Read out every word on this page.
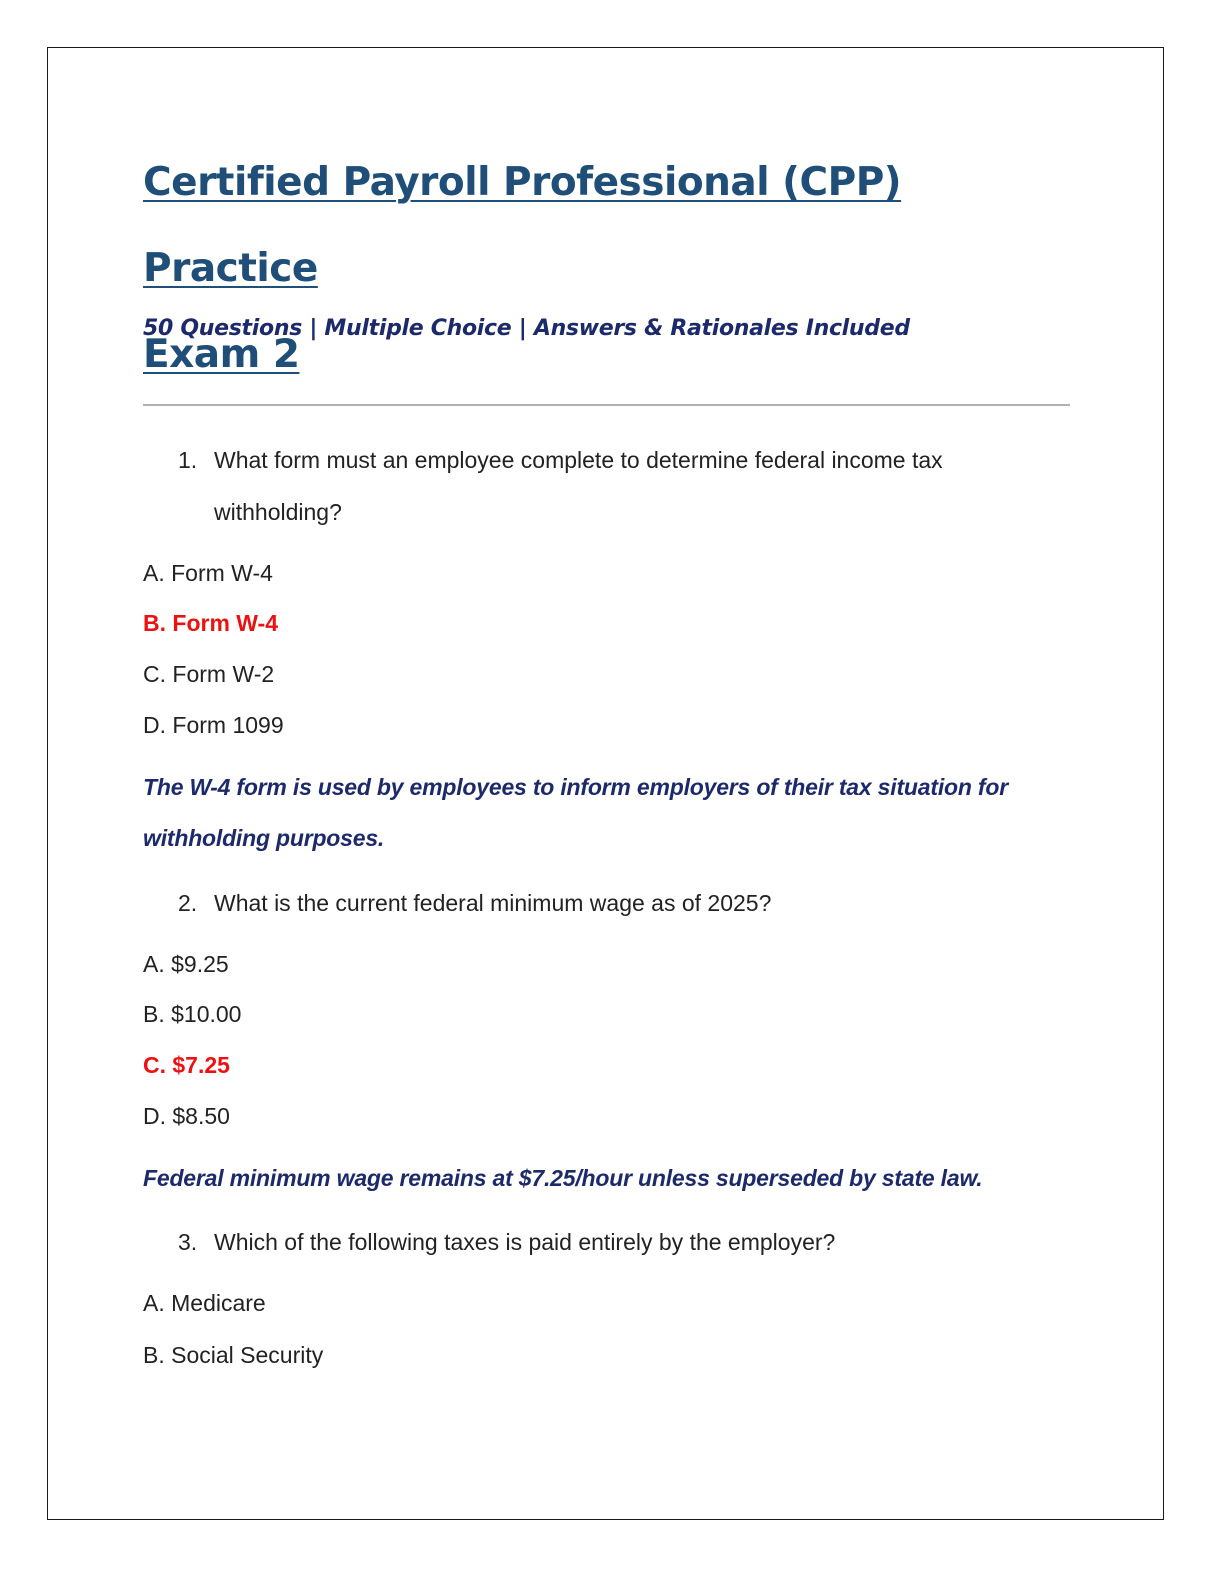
Certified Payroll Professional (CPP) Practice

Exam 2

50 Questions | Multiple Choice | Answers & Rationales Included

1. What form must an employee complete to determine federal income tax
withholding?
A. Form W-4
B. Form W-4
C. Form W-2
D. Form 1099
The W-4 form is used by employees to inform employers of their tax situation for
withholding purposes.
2. What is the current federal minimum wage as of 2025?
A. $9.25
B. $10.00
C. $7.25
D. $8.50
Federal minimum wage remains at $7.25/hour unless superseded by state law.
3. Which of the following taxes is paid entirely by the employer?
A. Medicare
B. Social Security
